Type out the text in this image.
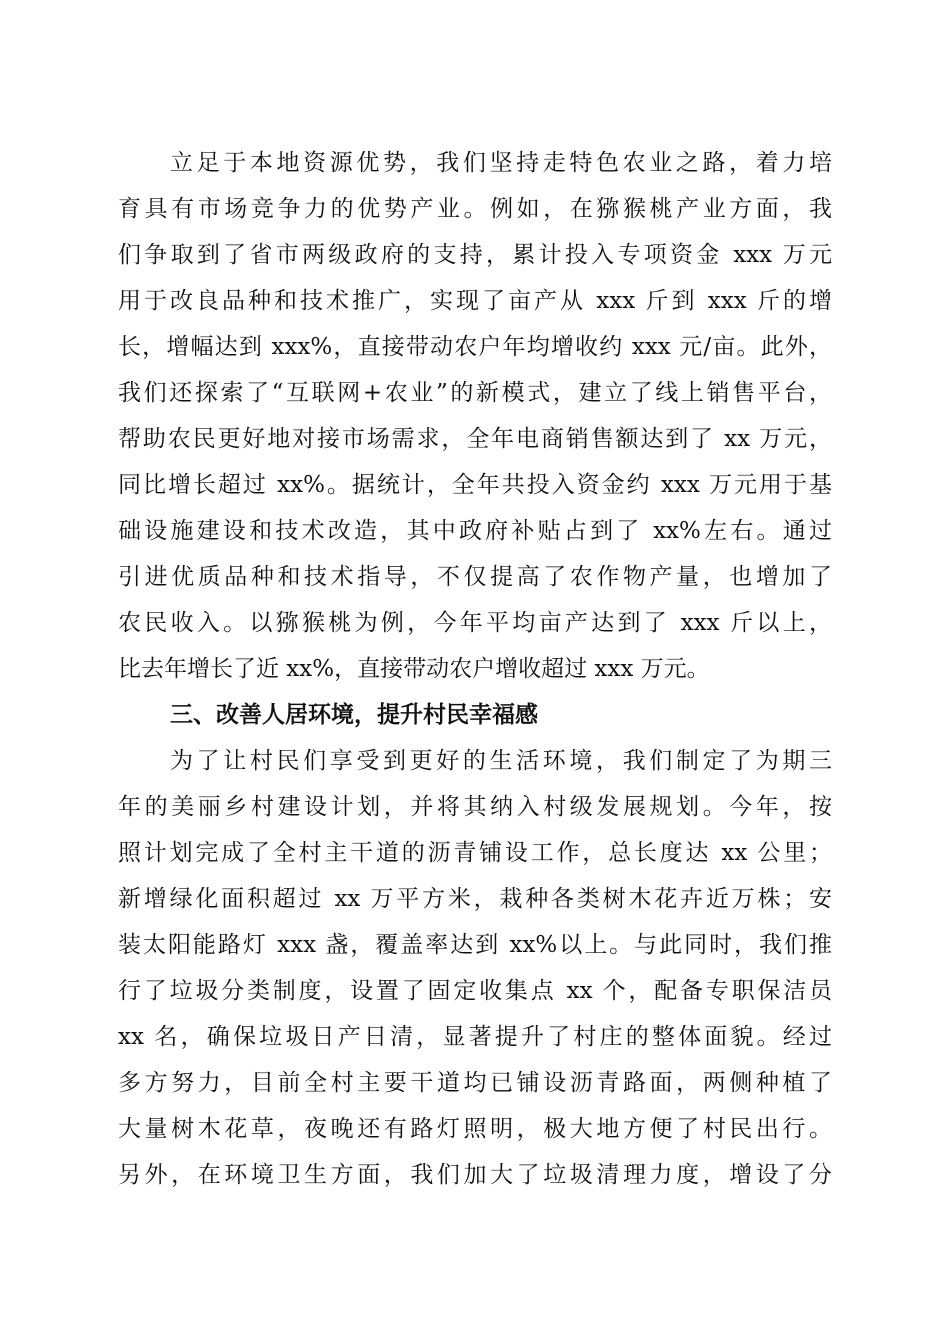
立足于本地资源优势，我们坚持走特色农业之路，着力培
育具有市场竞争力的优势产业。例如，在猕猴桃产业方面，我
们争取到了省市两级政府的支持，累计投入专项资金 xxx 万元
用于改良品种和技术推广，实现了亩产从 xxx 斤到 xxx 斤的增
长，增幅达到 xxx%，直接带动农户年均增收约 xxx 元/亩。此外，
我们还探索了“互联网+农业”的新模式，建立了线上销售平台，
帮助农民更好地对接市场需求，全年电商销售额达到了 xx 万元，
同比增长超过 xx%。据统计，全年共投入资金约 xxx 万元用于基
础设施建设和技术改造，其中政府补贴占到了 xx%左右。通过
引进优质品种和技术指导，不仅提高了农作物产量，也增加了
农民收入。以猕猴桃为例，今年平均亩产达到了 xxx 斤以上，
比去年增长了近 xx%，直接带动农户增收超过 xxx 万元。
三、改善人居环境，提升村民幸福感
为了让村民们享受到更好的生活环境，我们制定了为期三
年的美丽乡村建设计划，并将其纳入村级发展规划。今年，按
照计划完成了全村主干道的沥青铺设工作，总长度达 xx 公里；
新增绿化面积超过 xx 万平方米，栽种各类树木花卉近万株；安
装太阳能路灯 xxx 盏，覆盖率达到 xx%以上。与此同时，我们推
行了垃圾分类制度，设置了固定收集点 xx 个，配备专职保洁员
xx 名，确保垃圾日产日清，显著提升了村庄的整体面貌。经过
多方努力，目前全村主要干道均已铺设沥青路面，两侧种植了
大量树木花草，夜晚还有路灯照明，极大地方便了村民出行。
另外，在环境卫生方面，我们加大了垃圾清理力度，增设了分
